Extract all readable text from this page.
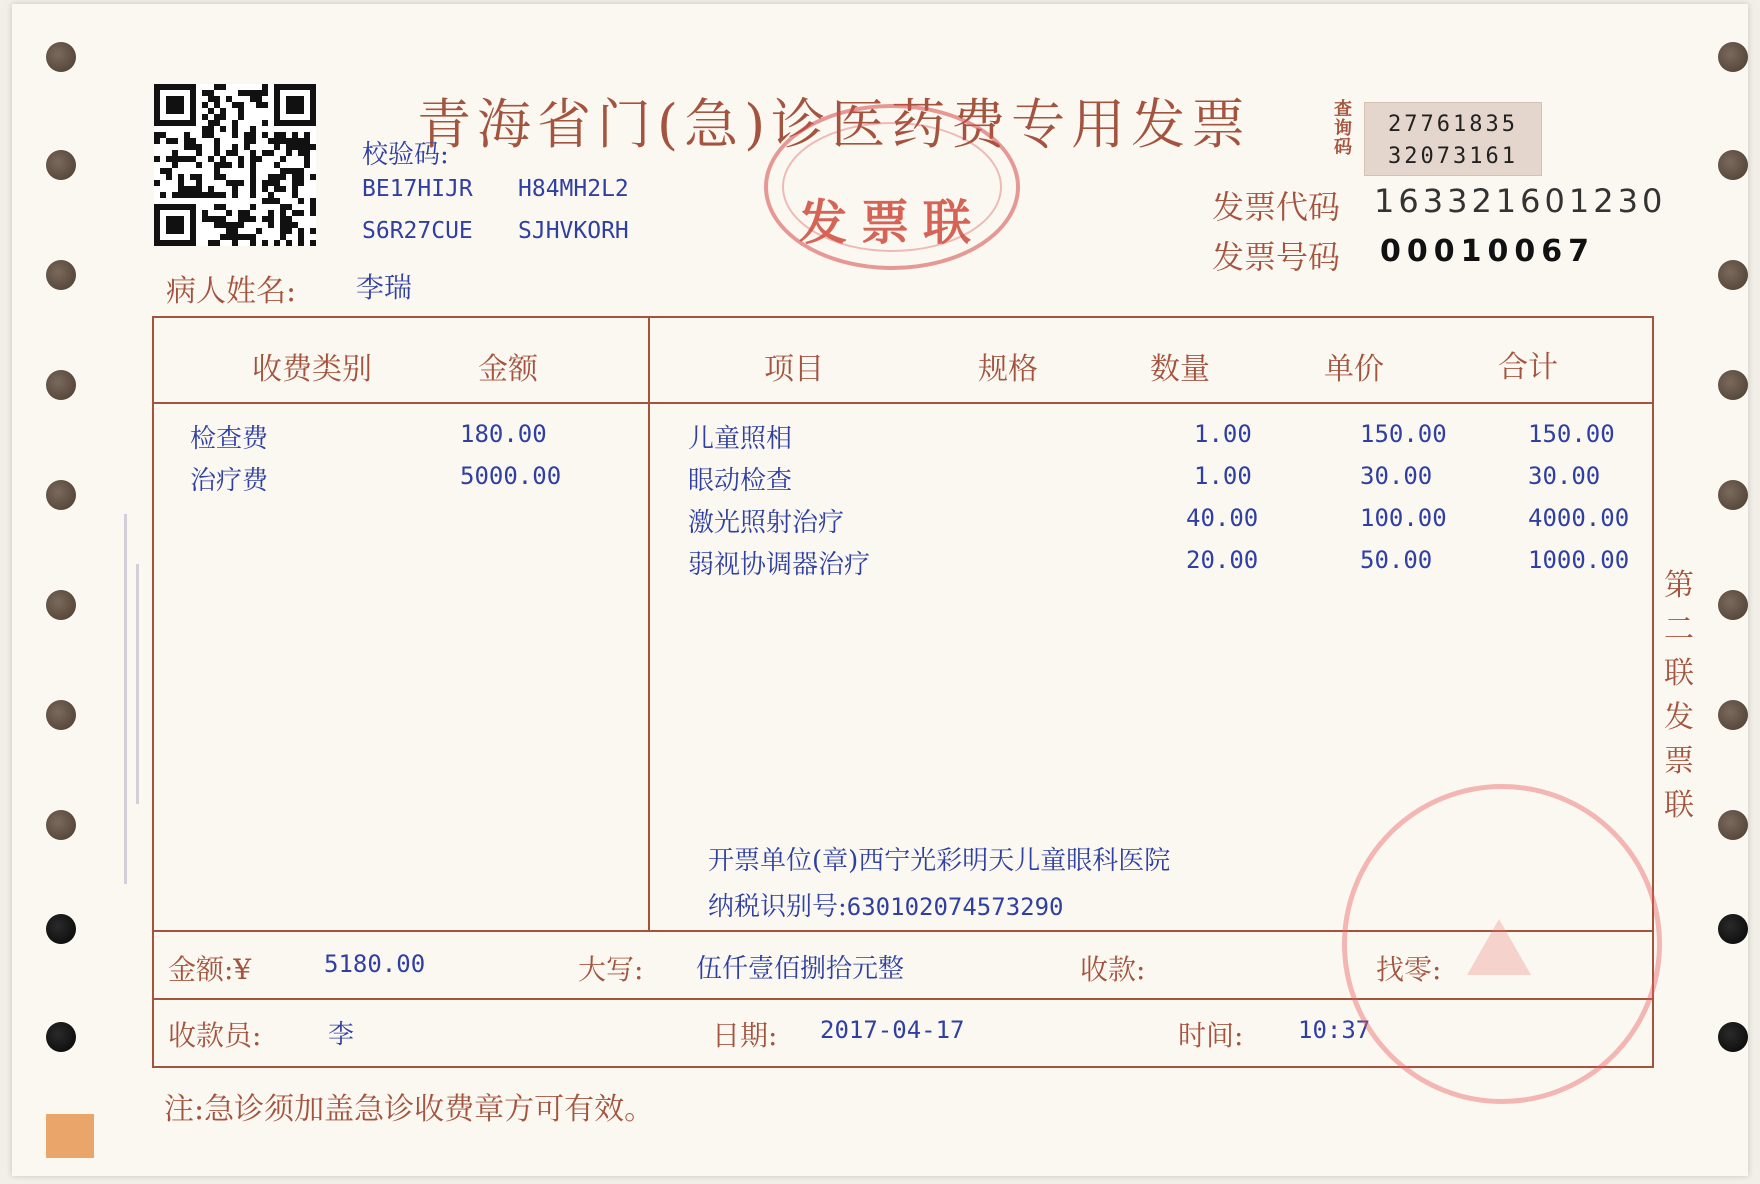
青海省门(急)诊医药费专用发票	查询码
27761835
32073161
发票代码 163321601230
发票号码 00010067
校验码:
BE17HIJR H84MH2L2
S6R27CUE SJHVKORH	发票联
病人姓名: 李瑞
收费类别	金额	项目	规格	数量	单价	合计
检查费	180.00
治疗费	5000.00
儿童照相	1.00	150.00	150.00
眼动检查	1.00	30.00	30.00
激光照射治疗	40.00	100.00	4000.00
弱视协调器治疗	20.00	50.00	1000.00
开票单位(章)西宁光彩明天儿童眼科医院
纳税识别号:630102074573290
金额:¥	5180.00	大写: 伍仟壹佰捌拾元整	收款:	找零:
收款员:	李	日期: 2017-04-17	时间: 10:37
第二联 发票联
注:急诊须加盖急诊收费章方可有效。
